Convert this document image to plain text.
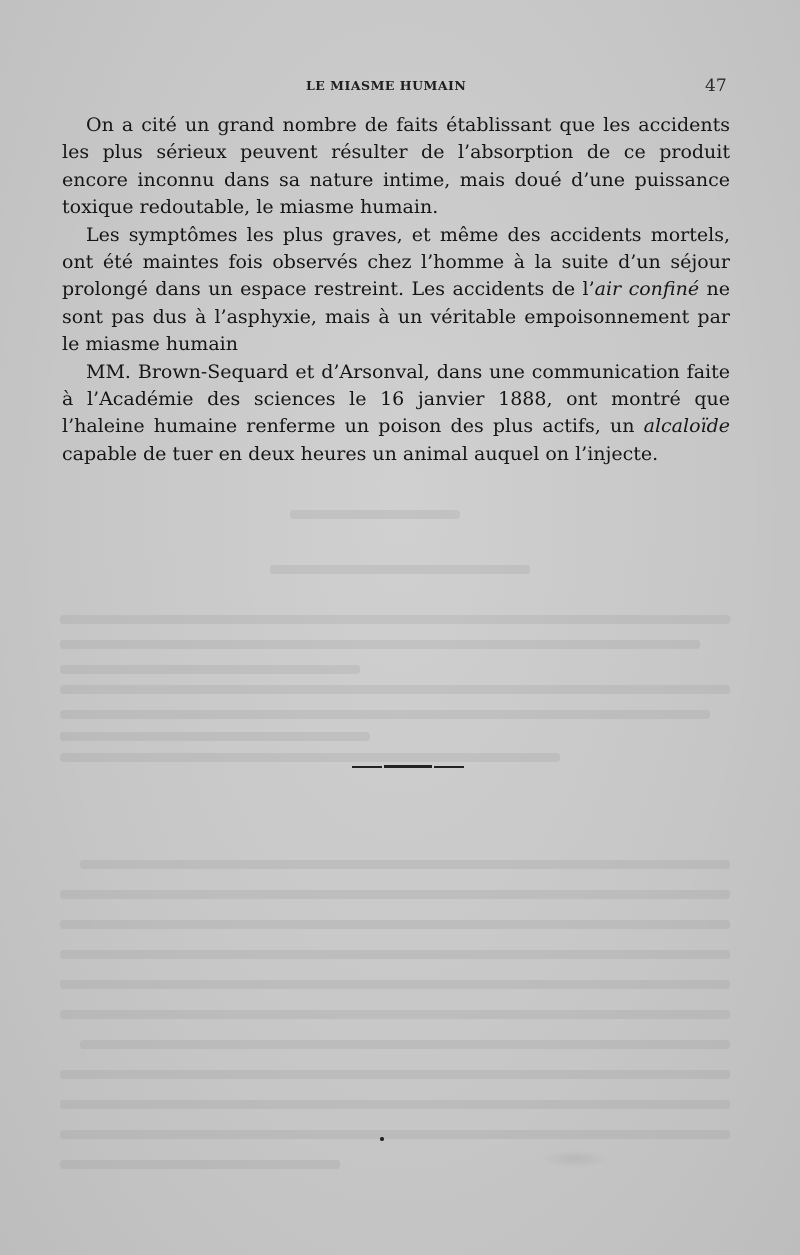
LE MIASME HUMAIN	47

On a cité un grand nombre de faits établissant que les accidents les plus sérieux peuvent résulter de l’absorption de ce produit encore inconnu dans sa nature intime, mais doué d’une puissance toxique redoutable, le miasme humain.

Les symptômes les plus graves, et même des accidents mortels, ont été maintes fois observés chez l’homme à la suite d’un séjour prolongé dans un espace restreint. Les accidents de l’air confiné ne sont pas dus à l’asphyxie, mais à un véritable empoisonnement par le miasme humain

MM. Brown-Sequard et d’Arsonval, dans une communication faite à l’Académie des sciences le 16 janvier 1888, ont montré que l’haleine humaine renferme un poison des plus actifs, un alcaloïde capable de tuer en deux heures un animal auquel on l’injecte.
